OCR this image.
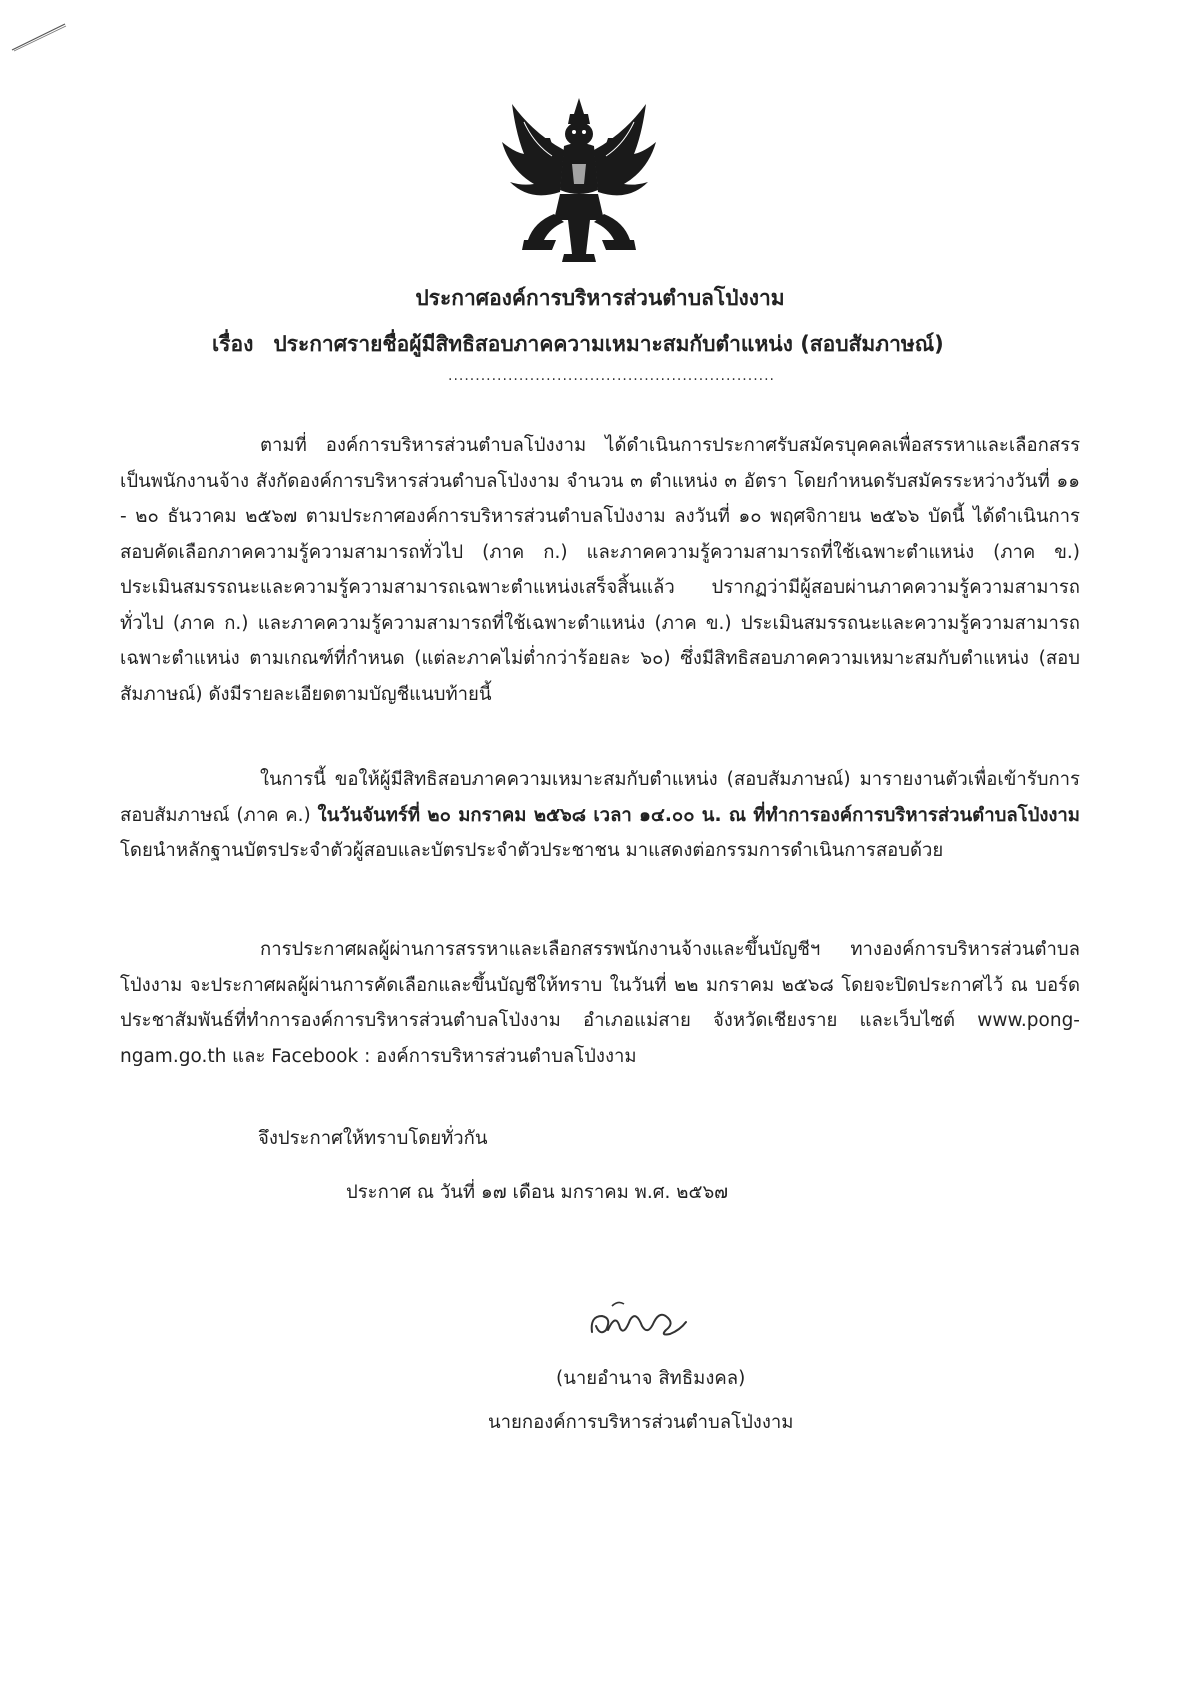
ประกาศองค์การบริหารส่วนตำบลโป่งงาม
เรื่อง ประกาศรายชื่อผู้มีสิทธิสอบภาคความเหมาะสมกับตำแหน่ง (สอบสัมภาษณ์)
............................................................
ตามที่ องค์การบริหารส่วนตำบลโป่งงาม ได้ดำเนินการประกาศรับสมัครบุคคลเพื่อสรรหาและเลือกสรรเป็นพนักงานจ้าง สังกัดองค์การบริหารส่วนตำบลโป่งงาม จำนวน ๓ ตำแหน่ง ๓ อัตรา โดยกำหนดรับสมัครระหว่างวันที่ ๑๑ - ๒๐ ธันวาคม ๒๕๖๗ ตามประกาศองค์การบริหารส่วนตำบลโป่งงาม ลงวันที่ ๑๐ พฤศจิกายน ๒๕๖๖ บัดนี้ ได้ดำเนินการสอบคัดเลือกภาคความรู้ความสามารถทั่วไป (ภาค ก.) และภาคความรู้ความสามารถที่ใช้เฉพาะตำแหน่ง (ภาค ข.) ประเมินสมรรถนะและความรู้ความสามารถเฉพาะตำแหน่งเสร็จสิ้นแล้ว ปรากฏว่ามีผู้สอบผ่านภาคความรู้ความสามารถทั่วไป (ภาค ก.) และภาคความรู้ความสามารถที่ใช้เฉพาะตำแหน่ง (ภาค ข.) ประเมินสมรรถนะและความรู้ความสามารถเฉพาะตำแหน่ง ตามเกณฑ์ที่กำหนด (แต่ละภาคไม่ต่ำกว่าร้อยละ ๖๐) ซึ่งมีสิทธิสอบภาคความเหมาะสมกับตำแหน่ง (สอบสัมภาษณ์) ดังมีรายละเอียดตามบัญชีแนบท้ายนี้
ในการนี้ ขอให้ผู้มีสิทธิสอบภาคความเหมาะสมกับตำแหน่ง (สอบสัมภาษณ์) มารายงานตัวเพื่อเข้ารับการสอบสัมภาษณ์ (ภาค ค.) ในวันจันทร์ที่ ๒๐ มกราคม ๒๕๖๘ เวลา ๑๔.๐๐ น. ณ ที่ทำการองค์การบริหารส่วนตำบลโป่งงาม โดยนำหลักฐานบัตรประจำตัวผู้สอบและบัตรประจำตัวประชาชน มาแสดงต่อกรรมการดำเนินการสอบด้วย
การประกาศผลผู้ผ่านการสรรหาและเลือกสรรพนักงานจ้างและขึ้นบัญชีฯ ทางองค์การบริหารส่วนตำบลโป่งงาม จะประกาศผลผู้ผ่านการคัดเลือกและขึ้นบัญชีให้ทราบ ในวันที่ ๒๒ มกราคม ๒๕๖๘ โดยจะปิดประกาศไว้ ณ บอร์ดประชาสัมพันธ์ที่ทำการองค์การบริหารส่วนตำบลโป่งงาม อำเภอแม่สาย จังหวัดเชียงราย และเว็บไซต์ www.pong-ngam.go.th และ Facebook : องค์การบริหารส่วนตำบลโป่งงาม
จึงประกาศให้ทราบโดยทั่วกัน
ประกาศ ณ วันที่ ๑๗ เดือน มกราคม พ.ศ. ๒๕๖๗
(นายอำนาจ สิทธิมงคล)
นายกองค์การบริหารส่วนตำบลโป่งงาม
